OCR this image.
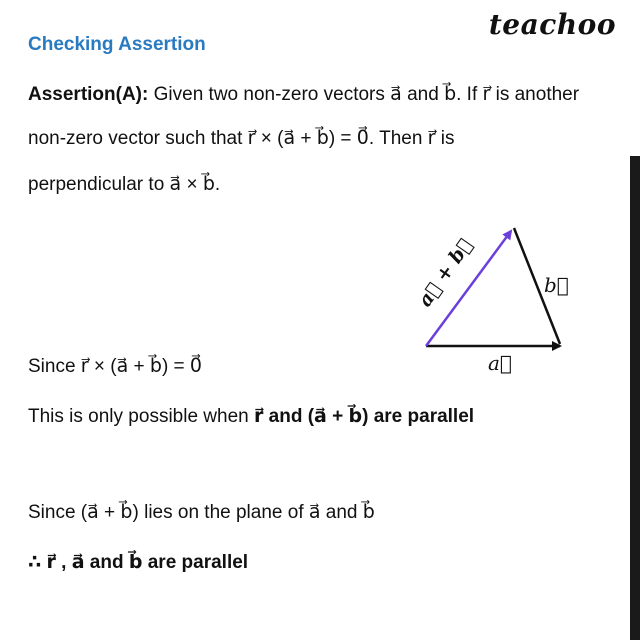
teachoo
Checking Assertion
Assertion(A): Given two non-zero vectors a⃗ and b⃗. If r⃗ is another
non-zero vector such that r⃗ × (a⃗ + b⃗) = 0⃗. Then r⃗ is
perpendicular to a⃗ × b⃗.
a⃗
b⃗
a⃗ + b⃗
Since r⃗ × (a⃗ + b⃗) = 0⃗
This is only possible when r⃗ and (a⃗ + b⃗) are parallel
Since (a⃗ + b⃗) lies on the plane of a⃗ and b⃗
∴ r⃗ , a⃗ and b⃗ are parallel
